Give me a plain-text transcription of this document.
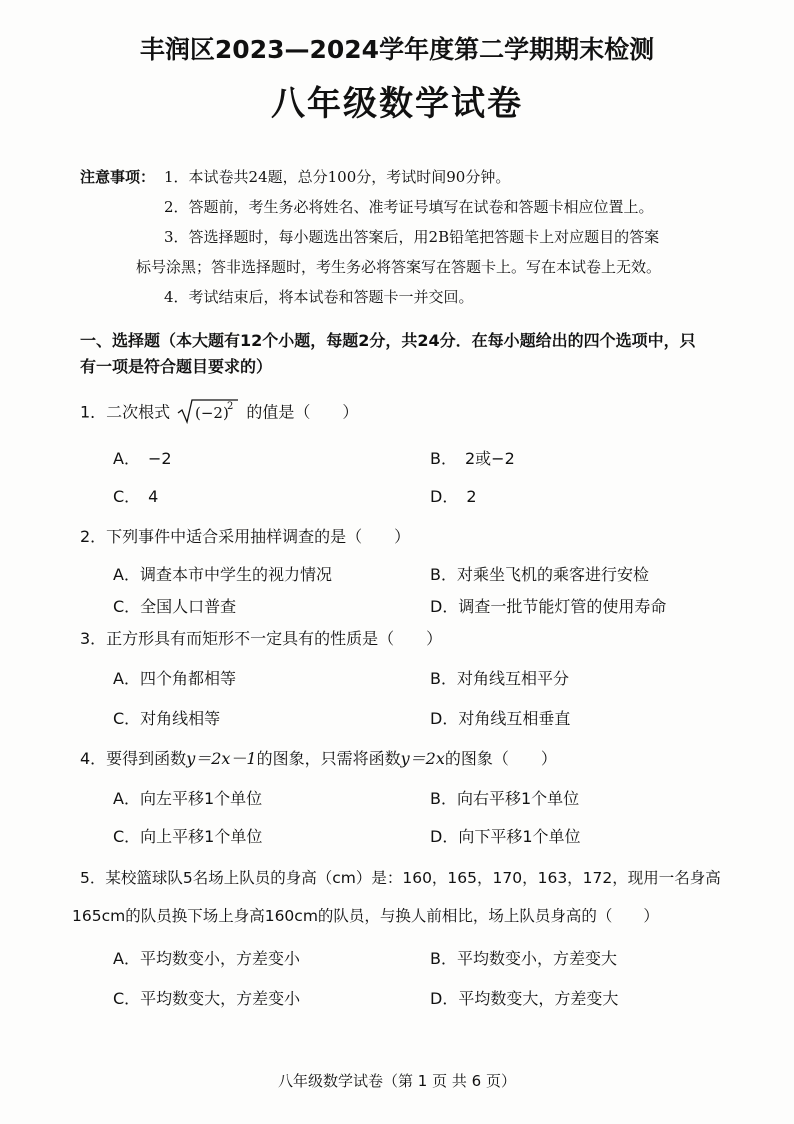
丰润区2023—2024学年度第二学期期末检测
八年级数学试卷
注意事项： 1．本试卷共24题，总分100分，考试时间90分钟。
2．答题前，考生务必将姓名、准考证号填写在试卷和答题卡相应位置上。
3．答选择题时，每小题选出答案后，用2B铅笔把答题卡上对应题目的答案
标号涂黑；答非选择题时，考生务必将答案写在答题卡上。写在本试卷上无效。
4．考试结束后，将本试卷和答题卡一并交回。
一、选择题（本大题有12个小题，每题2分，共24分．在每小题给出的四个选项中，只
有一项是符合题目要求的）
1．二次根式 (−2)
2 的值是（　　）
A．　−2	B．　2或−2
C．　4	D．　2
2．下列事件中适合采用抽样调查的是（　　）
A．调查本市中学生的视力情况	B．对乘坐飞机的乘客进行安检
C．全国人口普查	D．调查一批节能灯管的使用寿命
3．正方形具有而矩形不一定具有的性质是（　　）
A．四个角都相等	B．对角线互相平分
C．对角线相等	D．对角线互相垂直
4．要得到函数y＝2x－1的图象，只需将函数y＝2x的图象（　　）
A．向左平移1个单位	B．向右平移1个单位
C．向上平移1个单位	D．向下平移1个单位
5．某校篮球队5名场上队员的身高（cm）是：160，165，170，163，172，现用一名身高
165cm的队员换下场上身高160cm的队员，与换人前相比，场上队员身高的（　　）
A．平均数变小，方差变小	B．平均数变小，方差变大
C．平均数变大，方差变小	D．平均数变大，方差变大
八年级数学试卷（第 1 页 共 6 页）
